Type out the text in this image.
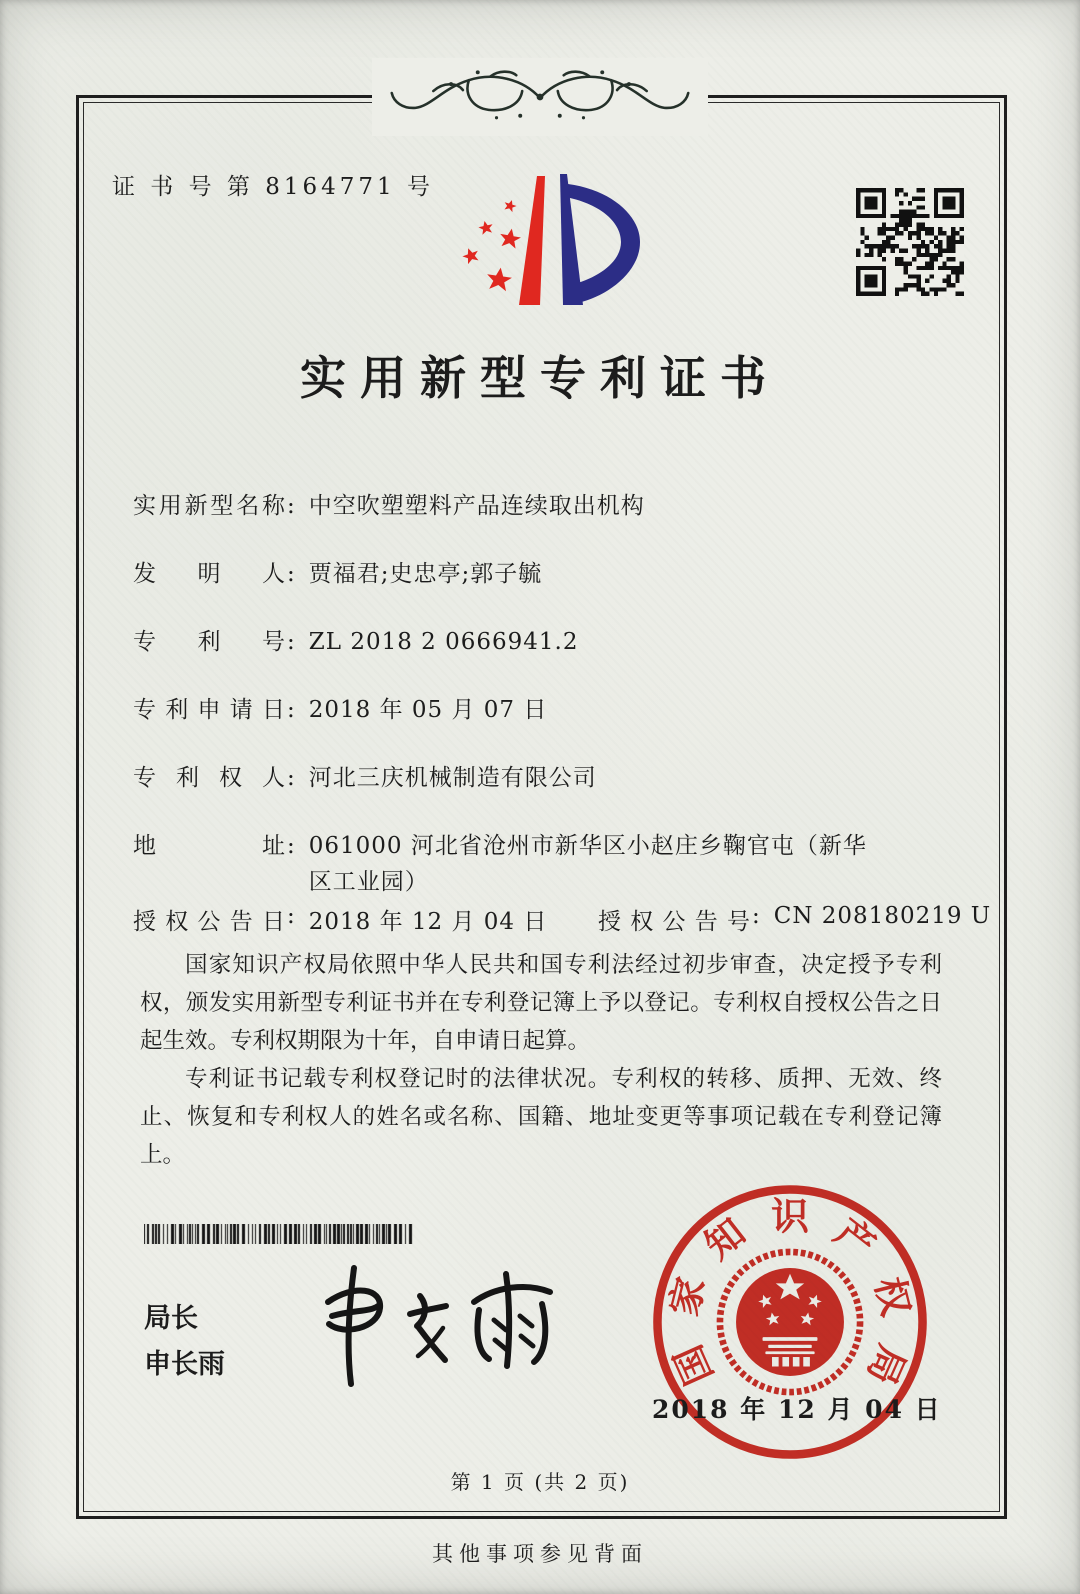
证 书 号 第 8164771 号
实用新型专利证书
实用新型名称 : 中空吹塑塑料产品连续取出机构
发明人 : 贾福君;史忠亭;郭子毓
专利号 : ZL 2018 2 0666941.2
专利申请日 : 2018 年 05 月 07 日
专利权人 : 河北三庆机械制造有限公司
地址 : 061000 河北省沧州市新华区小赵庄乡鞠官屯（新华区工业园）
授权公告日 : 2018 年 12 月 04 日 授权公告号 : CN 208180219 U

国家知识产权局依照中华人民共和国专利法经过初步审查，决定授予专利权，颁发实用新型专利证书并在专利登记簿上予以登记。专利权自授权公告之日起生效。专利权期限为十年，自申请日起算。

专利证书记载专利权登记时的法律状况。专利权的转移、质押、无效、终止、恢复和专利权人的姓名或名称、国籍、地址变更等事项记载在专利登记簿上。

局长
申长雨	国
家
知 识 产
权
局
2018 年 12 月 04 日
第 1 页 (共 2 页)
其他事项参见背面
